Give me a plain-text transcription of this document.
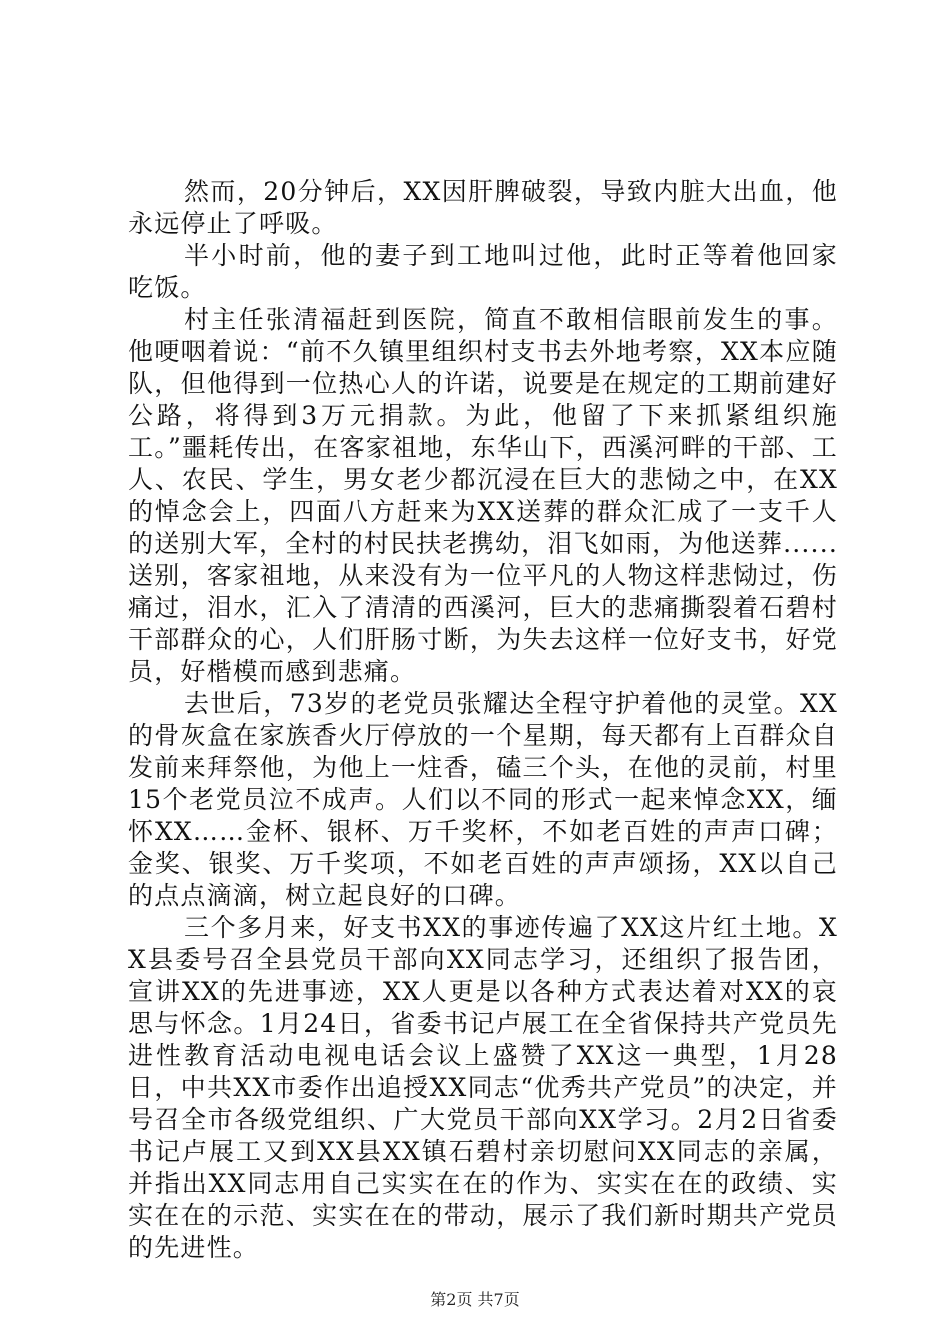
然而，20分钟后，XX因肝脾破裂，导致内脏大出血，他永远停止了呼吸。

半小时前，他的妻子到工地叫过他，此时正等着他回家吃饭。

村主任张清福赶到医院，简直不敢相信眼前发生的事。他哽咽着说：“前不久镇里组织村支书去外地考察，XX本应随队，但他得到一位热心人的许诺，说要是在规定的工期前建好公路，将得到3万元捐款。为此，他留了下来抓紧组织施工。”噩耗传出，在客家祖地，东华山下，西溪河畔的干部、工人、农民、学生，男女老少都沉浸在巨大的悲恸之中，在XX的悼念会上，四面八方赶来为XX送葬的群众汇成了一支千人的送别大军，全村的村民扶老携幼，泪飞如雨，为他送葬......送别，客家祖地，从来没有为一位平凡的人物这样悲恸过，伤痛过，泪水，汇入了清清的西溪河，巨大的悲痛撕裂着石碧村干部群众的心，人们肝肠寸断，为失去这样一位好支书，好党员，好楷模而感到悲痛。

去世后，73岁的老党员张耀达全程守护着他的灵堂。XX的骨灰盒在家族香火厅停放的一个星期，每天都有上百群众自发前来拜祭他，为他上一炷香，磕三个头，在他的灵前，村里15个老党员泣不成声。人们以不同的形式一起来悼念XX，缅怀XX……金杯、银杯、万千奖杯，不如老百姓的声声口碑；金奖、银奖、万千奖项，不如老百姓的声声颂扬，XX以自己的点点滴滴，树立起良好的口碑。

三个多月来，好支书XX的事迹传遍了XX这片红土地。XX县委号召全县党员干部向XX同志学习，还组织了报告团，宣讲XX的先进事迹，XX人更是以各种方式表达着对XX的哀思与怀念。1月24日，省委书记卢展工在全省保持共产党员先进性教育活动电视电话会议上盛赞了XX这一典型，1月28日，中共XX市委作出追授XX同志“优秀共产党员”的决定，并号召全市各级党组织、广大党员干部向XX学习。2月2日省委书记卢展工又到XX县XX镇石碧村亲切慰问XX同志的亲属，并指出XX同志用自己实实在在的作为、实实在在的政绩、实实在在的示范、实实在在的带动，展示了我们新时期共产党员的先进性。

第2页 共7页
